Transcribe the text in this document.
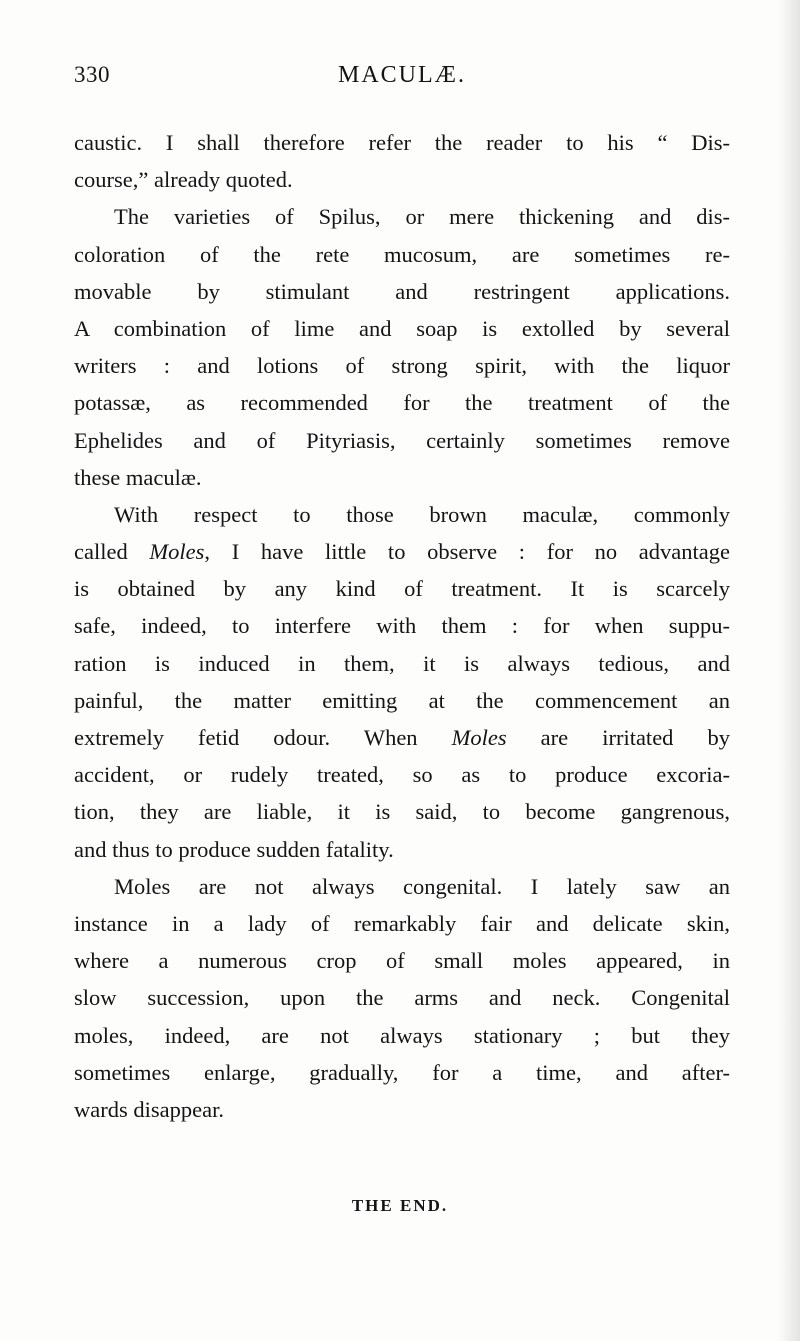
330	MACULÆ.
caustic. I shall therefore refer the reader to his “ Dis-
course,” already quoted.
The varieties of Spilus, or mere thickening and dis-
coloration of the rete mucosum, are sometimes re-
movable by stimulant and restringent applications.
A combination of lime and soap is extolled by several
writers : and lotions of strong spirit, with the liquor
potassæ, as recommended for the treatment of the
Ephelides and of Pityriasis, certainly sometimes remove
these maculæ.
With respect to those brown maculæ, commonly
called Moles, I have little to observe : for no advantage
is obtained by any kind of treatment. It is scarcely
safe, indeed, to interfere with them : for when suppu-
ration is induced in them, it is always tedious, and
painful, the matter emitting at the commencement an
extremely fetid odour. When Moles are irritated by
accident, or rudely treated, so as to produce excoria-
tion, they are liable, it is said, to become gangrenous,
and thus to produce sudden fatality.
Moles are not always congenital. I lately saw an
instance in a lady of remarkably fair and delicate skin,
where a numerous crop of small moles appeared, in
slow succession, upon the arms and neck. Congenital
moles, indeed, are not always stationary ; but they
sometimes enlarge, gradually, for a time, and after-
wards disappear.
THE END.
